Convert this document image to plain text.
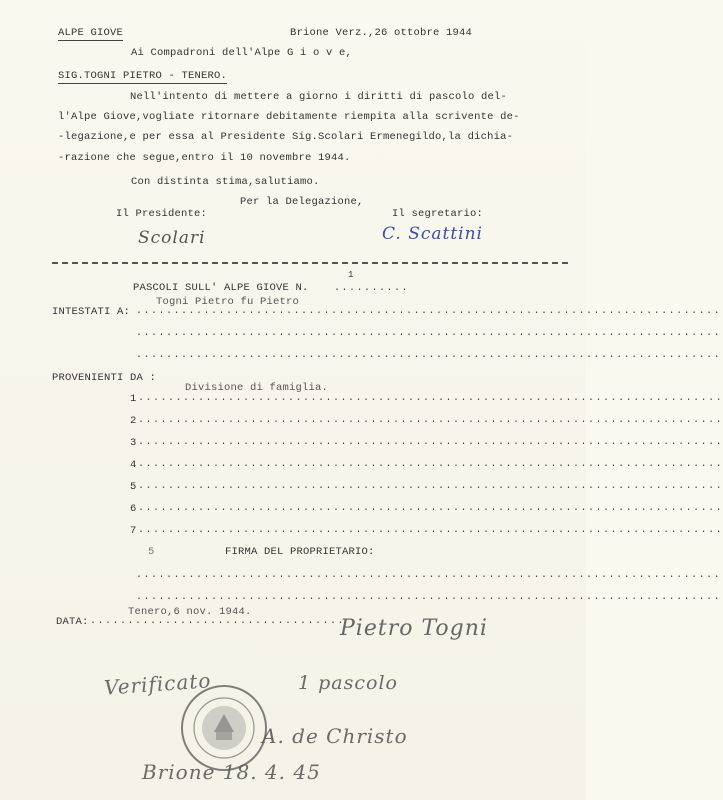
ALPE GIOVE	Brione Verz.,26 ottobre 1944
Ai Compadroni dell'Alpe G i o v e,
SIG.TOGNI PIETRO - TENERO.
Nell'intento di mettere a giorno i diritti di pascolo del-
l'Alpe Giove,vogliate ritornare debitamente riempita alla scrivente de-
-legazione,e per essa al Presidente Sig.Scolari Ermenegildo,la dichia-
-razione che segue,entro il 10 novembre 1944.
Con distinta stima,salutiamo.
Per la Delegazione,
Il Presidente:	Il segretario:
Scolari	C. Scattini
1
PASCOLI SULL' ALPE GIOVE N.	..........
Togni Pietro fu Pietro
INTESTATI A: ..............................................................................
..............................................................................
..............................................................................
PROVENIENTI DA :
Divisione di famiglia.
1 ..............................................................................
2 ..............................................................................
3 ..............................................................................
4 ..............................................................................
5 ..............................................................................
6 ..............................................................................
7 ..............................................................................
5	FIRMA DEL PROPRIETARIO:
..............................................................................
..............................................................................
Tenero,6 nov. 1944.
DATA: ..................................
Pietro Togni
Verificato	1 pascolo
A. de Christo
Brione 18. 4. 45
